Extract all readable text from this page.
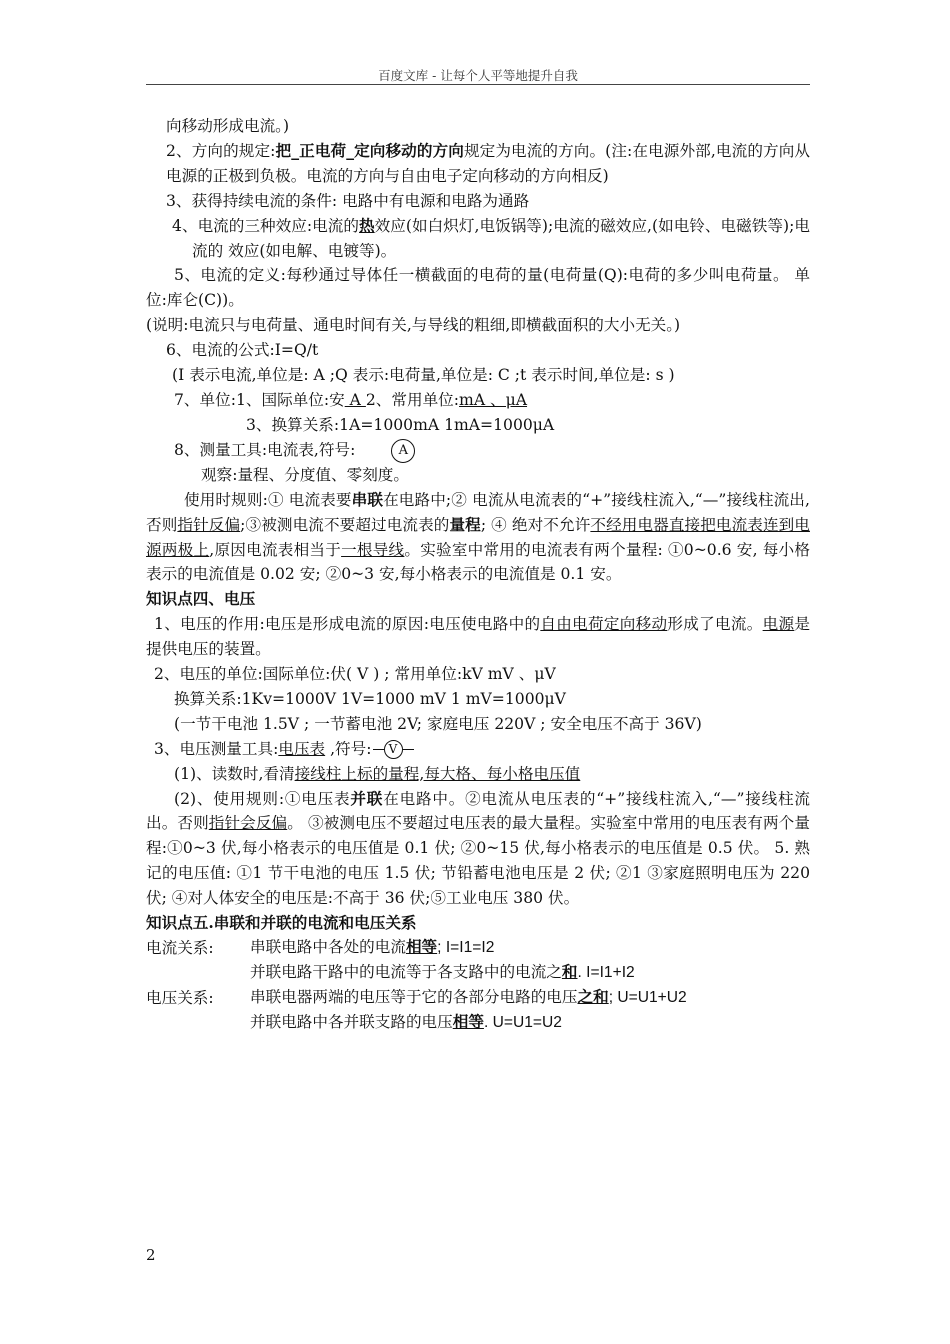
百度文库 - 让每个人平等地提升自我

向移动形成电流。)

2、方向的规定:把_正电荷_定向移动的方向规定为电流的方向。(注:在电源外部,电流的方向从电源的正极到负极。电流的方向与自由电子定向移动的方向相反)

3、获得持续电流的条件: 电路中有电源和电路为通路

4、电流的三种效应:电流的热效应(如白炽灯,电饭锅等);电流的磁效应,(如电铃、电磁铁等);电流的 效应(如电解、电镀等)。

5、电流的定义:每秒通过导体任一横截面的电荷的量(电荷量(Q):电荷的多少叫电荷量。 单位:库仑(C))。

(说明:电流只与电荷量、通电时间有关,与导线的粗细,即横截面积的大小无关。)

6、电流的公式:I=Q/t

(I 表示电流,单位是: A ;Q 表示:电荷量,单位是: C ;t 表示时间,单位是: s )

7、单位:1、国际单位:安 A 2、常用单位:mA 、μA

3、换算关系:1A=1000mA 1mA=1000μA

8、测量工具:电流表,符号:	A

观察:量程、分度值、零刻度。

使用时规则:① 电流表要串联在电路中;② 电流从电流表的“+”接线柱流入,“—”接线柱流出,否则指针反偏;③被测电流不要超过电流表的量程; ④ 绝对不允许不经用电器直接把电流表连到电源两极上,原因电流表相当于一根导线。实验室中常用的电流表有两个量程: ①0~0.6 安, 每小格表示的电流值是 0.02 安; ②0~3 安,每小格表示的电流值是 0.1 安。

知识点四、电压

1、电压的作用:电压是形成电流的原因:电压使电路中的自由电荷定向移动形成了电流。电源是提供电压的装置。

2、电压的单位:国际单位:伏( V ) ; 常用单位:kV mV 、μV

换算关系:1Kv=1000V 1V=1000 mV 1 mV=1000μV

(一节干电池 1.5V ; 一节蓄电池 2V; 家庭电压 220V ; 安全电压不高于 36V)

3、电压测量工具:电压表 ,符号: V

(1)、读数时,看清接线柱上标的量程,每大格、每小格电压值

(2)、使用规则:①电压表并联在电路中。②电流从电压表的“+”接线柱流入,“—”接线柱流出。否则指针会反偏。 ③被测电压不要超过电压表的最大量程。实验室中常用的电压表有两个量程:①0~3 伏,每小格表示的电压值是 0.1 伏; ②0~15 伏,每小格表示的电压值是 0.5 伏。 5. 熟记的电压值: ①1 节干电池的电压 1.5 伏; 节铅蓄电池电压是 2 伏; ②1 ③家庭照明电压为 220 伏; ④对人体安全的电压是:不高于 36 伏;⑤工业电压 380 伏。

知识点五.串联和并联的电流和电压关系

电流关系:	串联电路中各处的电流相等; I=I1=I2
并联电路干路中的电流等于各支路中的电流之和. I=I1+I2
电压关系:	串联电器两端的电压等于它的各部分电路的电压之和; U=U1+U2
并联电路中各并联支路的电压相等. U=U1=U2
2
